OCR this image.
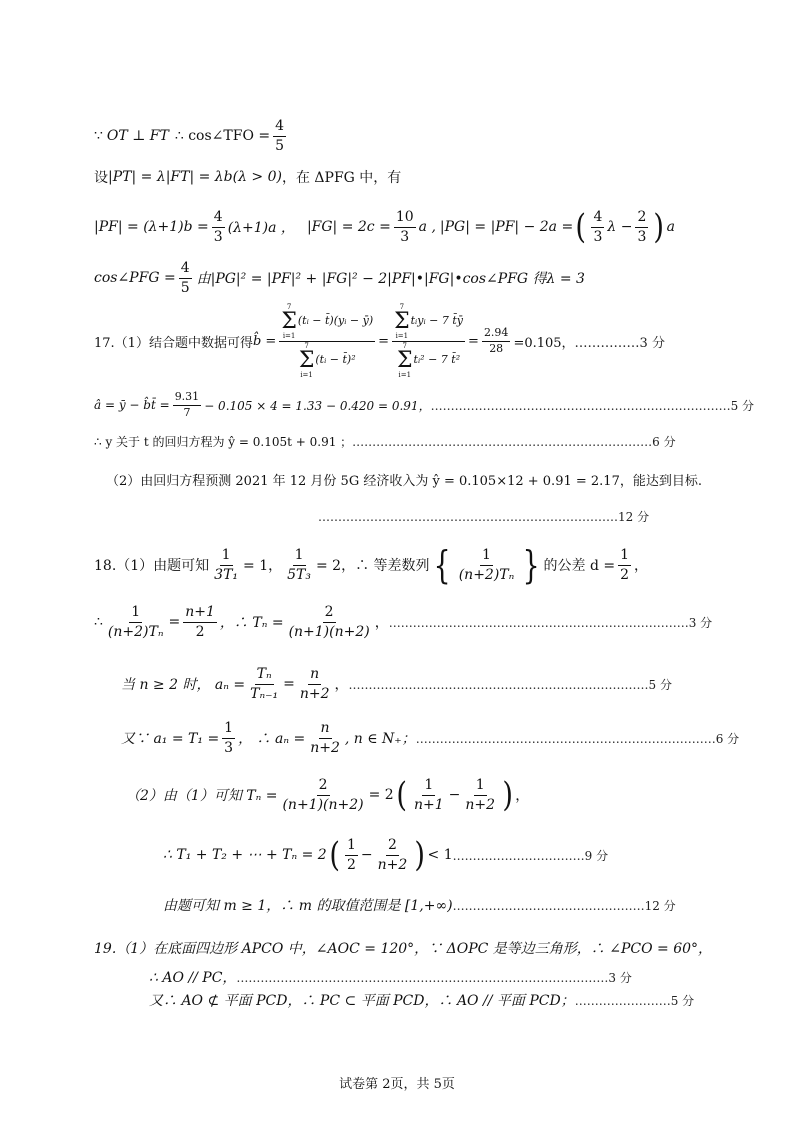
∵ OT ⊥ FT ∴ cos∠TFO = $\frac{4}{5}$
设 |PT| = λ|FT| = λb(λ > 0) ，在 ΔPFG 中，有
$|PF| = (\lambda+1)b = \frac{4}{3} (\lambda+1)a$ ， $|FG| = 2c = \frac{10}{3}$ a , |PG| = |PF| − 2a = ( $\frac{4}{3}$ $\lambda - \frac{2}{3}$ ) a
cos∠PFG = $\frac{4}{5}$ 由|PG|² = |PF|² + |FG|² − 2|PF|•|FG|•cos∠PFG 得λ = 3
17.（1）结合题中数据可得 b̂ = 7
Σ
i=1
(tᵢ − t̄)(yᵢ − ȳ)
7
Σ
i=1
(tᵢ − t̄)² = 7
Σ
i=1
tᵢyᵢ − 7 t̄ȳ
7
Σ
i=1
tᵢ² − 7 t̄² = $\frac{2.94}{28} =0.105$， ……………3 分
â = ȳ − b̂t̄ = $\frac{9.31}{7} - 0.105 \times 4 = 1.33 - 0.420 = 0.91$， …………………………………………………………………5 分
∴ y 关于 t 的回归方程为 ŷ = 0.105t + 0.91 ； …………………………………………………………………6 分
（2）由回归方程预测 2021 年 12 月份 5G 经济收入为 ŷ = 0.105×12 + 0.91 = 2.17，能达到目标.
…………………………………………………………………12 分
18.（1）由题可知 $\frac{1}{\text{3T₁}} = 1$， $\frac{1}{\text{5T₃}} = 2$，∴ 等差数列 { $\frac{1}{\text{(n+2)Tₙ}}$ } 的公差 $d = \frac{1}{2}$ ，
∴ $\frac{1}{\text{(n+2)Tₙ}} = \frac{n+1}{2}$ ，∴ $T_n = \frac{2}{(n+1)(n+2)}$ ， …………………………………………………………………3 分
当 n ≥ 2 时， $a_n = \frac{\text{Tₙ}}{\text{Tₙ₋₁}} = \frac{n}{n+2}$ ， …………………………………………………………………5 分
又∵ $a_1 = T_1 = \frac{1}{3}$ ， ∴ $a_n = \frac{n}{n+2}$ , n ∈ N₊； …………………………………………………………………6 分
（2）由（1）可知 $T_n = \frac{2}{(n+1)(n+2)} = 2$ ( $\frac{1}{n+1} - \frac{1}{n+2}$ ) ，
∴ T₁ + T₂ + ⋯ + Tₙ = 2 ( $\frac{1}{2} - \frac{2}{n+2}$ ) < 1 ……………………………9 分
由题可知 m ≥ 1，∴ m 的取值范围是 [1,+∞) …………………………………………12 分
19.（1）在底面四边形 APCO 中，∠AOC = 120°，∵ ΔOPC 是等边三角形，∴ ∠PCO = 60°，
∴ AO // PC， …………………………………………………………………………………3 分
又∴ AO ⊄ 平面 PCD，∴ PC ⊂ 平面 PCD，∴ AO // 平面 PCD； ……………………5 分
试卷第 2页，共 5页
